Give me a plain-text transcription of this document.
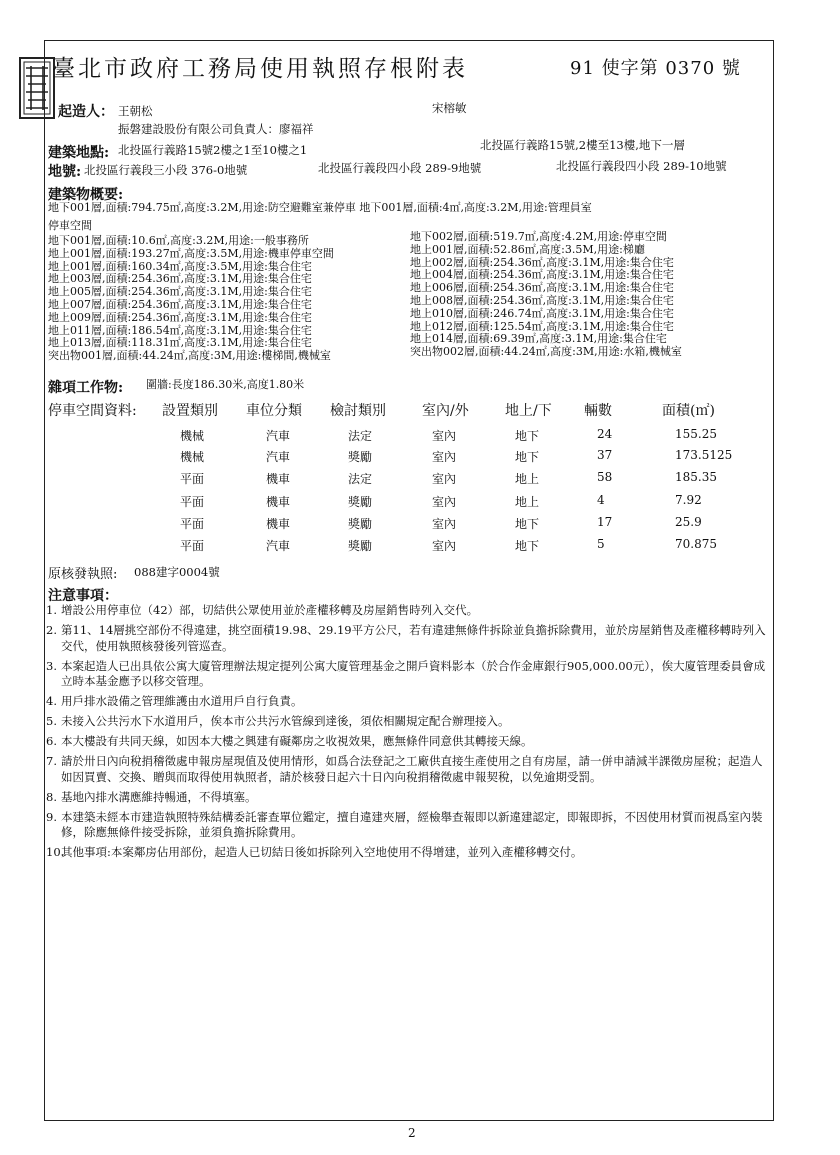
臺北市政府工務局使用執照存根附表	91 使字第 0370 號
起造人： 王朝松	宋榕敏
振磐建設股份有限公司負責人：廖福祥
建築地點: 北投區行義路15號2樓之1至10樓之1	北投區行義路15號,2樓至13樓,地下一層
地號: 北投區行義段三小段 376-0地號	北投區行義段四小段 289-9地號	北投區行義段四小段 289-10地號
建築物概要:
地下001層,面積:794.75㎡,高度:3.2M,用途:防空避難室兼停車 地下001層,面積:4㎡,高度:3.2M,用途:管理員室
停車空間
地下001層,面積:10.6㎡,高度:3.2M,用途:一般事務所
地上001層,面積:193.27㎡,高度:3.5M,用途:機車停車空間
地上001層,面積:160.34㎡,高度:3.5M,用途:集合住宅
地上003層,面積:254.36㎡,高度:3.1M,用途:集合住宅
地上005層,面積:254.36㎡,高度:3.1M,用途:集合住宅
地上007層,面積:254.36㎡,高度:3.1M,用途:集合住宅
地上009層,面積:254.36㎡,高度:3.1M,用途:集合住宅
地上011層,面積:186.54㎡,高度:3.1M,用途:集合住宅
地上013層,面積:118.31㎡,高度:3.1M,用途:集合住宅
突出物001層,面積:44.24㎡,高度:3M,用途:樓梯間,機械室
地下002層,面積:519.7㎡,高度:4.2M,用途:停車空間
地上001層,面積:52.86㎡,高度:3.5M,用途:梯廳
地上002層,面積:254.36㎡,高度:3.1M,用途:集合住宅
地上004層,面積:254.36㎡,高度:3.1M,用途:集合住宅
地上006層,面積:254.36㎡,高度:3.1M,用途:集合住宅
地上008層,面積:254.36㎡,高度:3.1M,用途:集合住宅
地上010層,面積:246.74㎡,高度:3.1M,用途:集合住宅
地上012層,面積:125.54㎡,高度:3.1M,用途:集合住宅
地上014層,面積:69.39㎡,高度:3.1M,用途:集合住宅
突出物002層,面積:44.24㎡,高度:3M,用途:水箱,機械室
雜項工作物: 圍牆:長度186.30米,高度1.80米
停車空間資料: 設置類別 車位分類 檢討類別	室內/外	地上/下 輛數	面積(㎡)
機械	汽車	法定	室內	地下	24	155.25
機械	汽車	獎勵	室內	地下	37	173.5125
平面	機車	法定	室內	地上	58	185.35
平面	機車	獎勵	室內	地上	4	7.92
平面	機車	獎勵	室內	地下	17	25.9
平面	汽車	獎勵	室內	地下	5	70.875
原核發執照: 088建字0004號
注意事項：
1. 增設公用停車位（42）部，切結供公眾使用並於產權移轉及房屋銷售時列入交代。
2. 第11、14層挑空部份不得違建，挑空面積19.98、29.19平方公尺，若有違建無條件拆除並負擔拆除費用，並於房屋銷售及產權移轉時列入交代，使用執照核發後列管巡查。
3. 本案起造人已出具依公寓大廈管理辦法規定提列公寓大廈管理基金之開戶資料影本（於合作金庫銀行905,000.00元），俟大廈管理委員會成立時本基金應予以移交管理。
4. 用戶排水設備之管理維護由水道用戶自行負責。
5. 未接入公共污水下水道用戶，俟本市公共污水管線到達後，須依相關規定配合辦理接入。
6. 本大樓設有共同天線，如因本大樓之興建有礙鄰房之收視效果，應無條件同意供其轉接天線。
7. 請於卅日內向稅捐稽徵處申報房屋現值及使用情形，如爲合法登記之工廠供直接生產使用之自有房屋，請一併申請減半課徵房屋稅；起造人如因買賣、交換、贈與而取得使用執照者，請於核發日起六十日內向稅捐稽徵處申報契稅，以免逾期受罰。
8. 基地內排水溝應維持暢通，不得填塞。
9. 本建築未經本市建造執照特殊結構委託審查單位鑑定，擅自違建夾層，經檢舉查報即以新違建認定，即報即拆，不因使用材質而視爲室內裝修，除應無條件接受拆除，並須負擔拆除費用。
10.
其他事項:本案鄰房佔用部份，起造人已切結日後如拆除列入空地使用不得增建，並列入產權移轉交付。
2
